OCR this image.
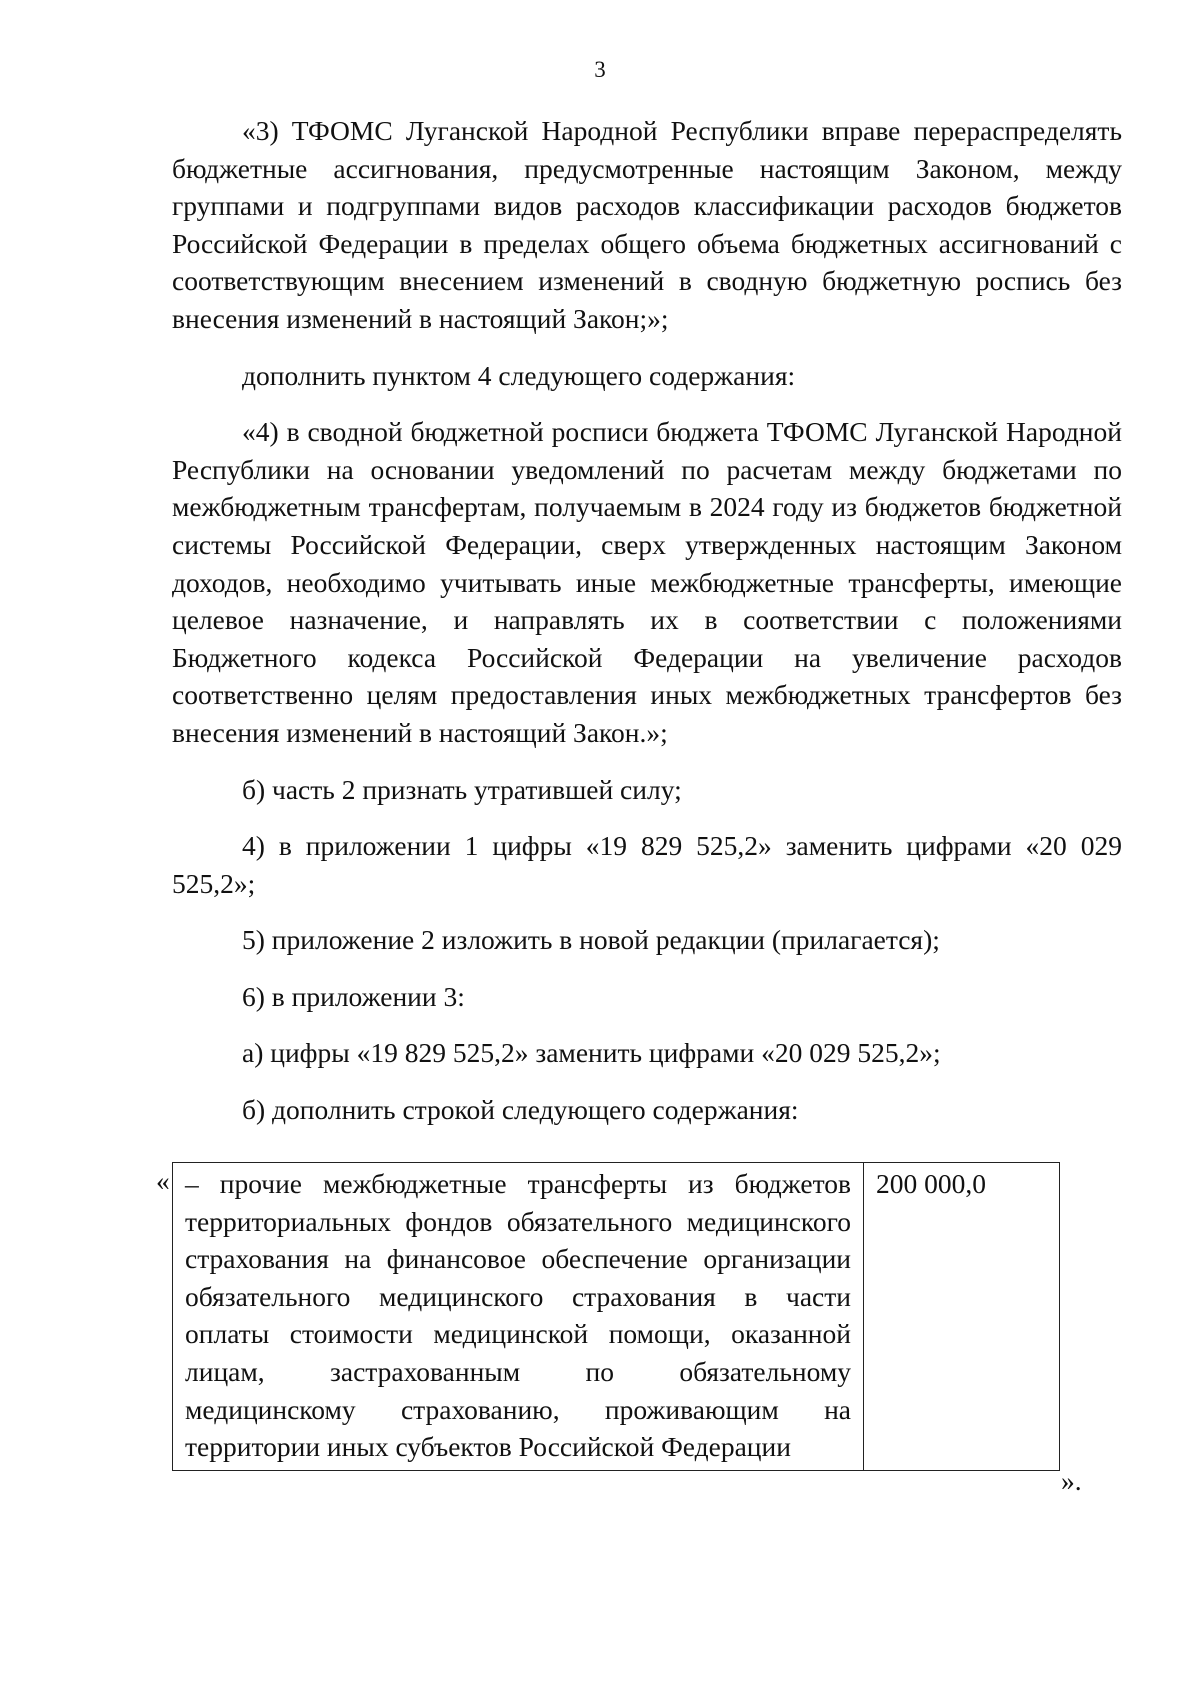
3

«3) ТФОМС Луганской Народной Республики вправе перераспределять бюджетные ассигнования, предусмотренные настоящим Законом, между группами и подгруппами видов расходов классификации расходов бюджетов Российской Федерации в пределах общего объема бюджетных ассигнований с соответствующим внесением изменений в сводную бюджетную роспись без внесения изменений в настоящий Закон;»;

дополнить пунктом 4 следующего содержания:

«4) в сводной бюджетной росписи бюджета ТФОМС Луганской Народной Республики на основании уведомлений по расчетам между бюджетами по межбюджетным трансфертам, получаемым в 2024 году из бюджетов бюджетной системы Российской Федерации, сверх утвержденных настоящим Законом доходов, необходимо учитывать иные межбюджетные трансферты, имеющие целевое назначение, и направлять их в соответствии с положениями Бюджетного кодекса Российской Федерации на увеличение расходов соответственно целям предоставления иных межбюджетных трансфертов без внесения изменений в настоящий Закон.»;

б) часть 2 признать утратившей силу;

4) в приложении 1 цифры «19 829 525,2» заменить цифрами «20 029 525,2»;

5) приложение 2 изложить в новой редакции (прилагается);

6) в приложении 3:

а) цифры «19 829 525,2» заменить цифрами «20 029 525,2»;

б) дополнить строкой следующего содержания:

« – прочие межбюджетные трансферты из бюджетов территориальных фондов обязательного медицинского страхования на финансовое обеспечение организации обязательного медицинского страхования в части оплаты стоимости медицинской помощи, оказанной лицам, застрахованным по обязательному медицинскому страхованию, проживающим на территории иных субъектов Российской Федерации	200 000,0
».
